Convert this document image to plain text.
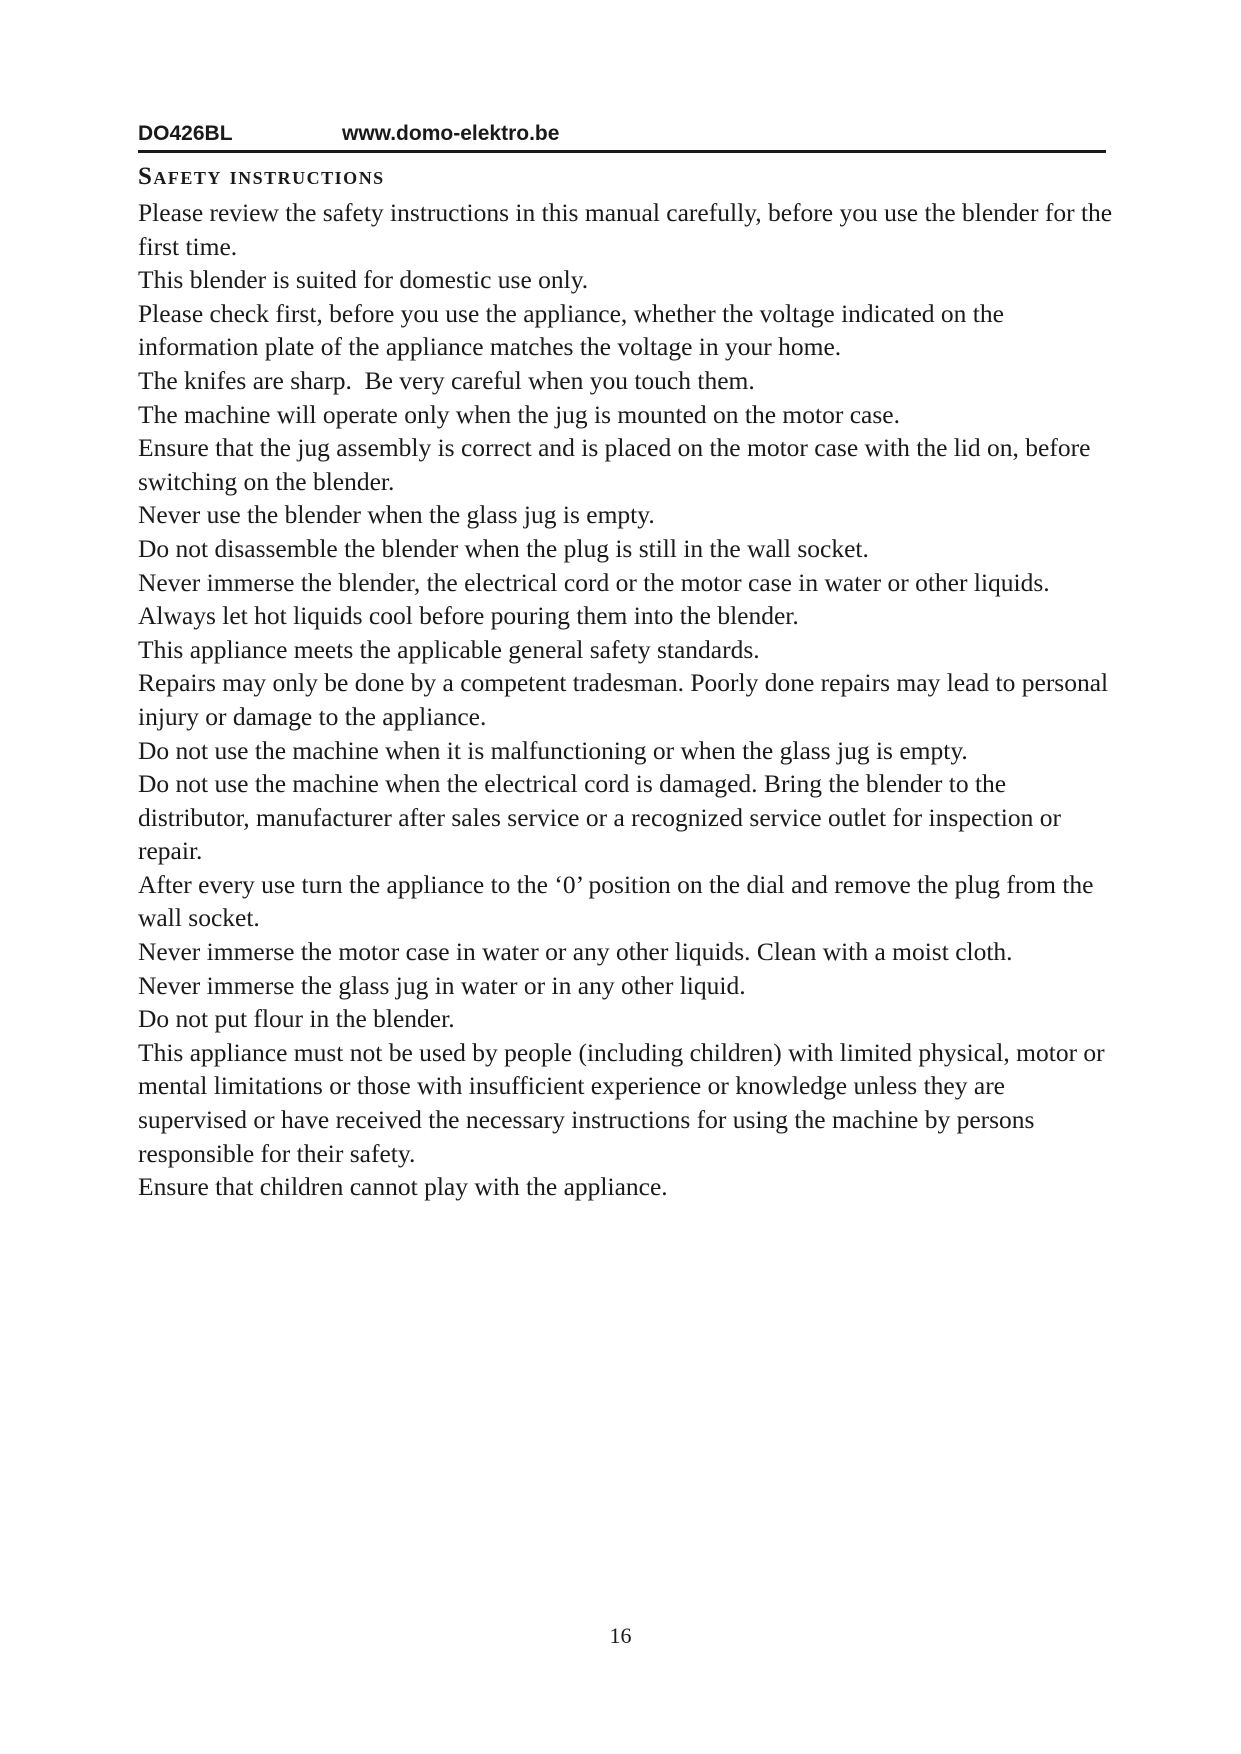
DO426BL	www.domo-elektro.be
Safety instructions

Please review the safety instructions in this manual carefully, before you use the blender for the first time.

This blender is suited for domestic use only.

Please check first, before you use the appliance, whether the voltage indicated on the information plate of the appliance matches the voltage in your home.

The knifes are sharp.  Be very careful when you touch them.

The machine will operate only when the jug is mounted on the motor case.

Ensure that the jug assembly is correct and is placed on the motor case with the lid on, before switching on the blender.

Never use the blender when the glass jug is empty.

Do not disassemble the blender when the plug is still in the wall socket.

Never immerse the blender, the electrical cord or the motor case in water or other liquids.

Always let hot liquids cool before pouring them into the blender.

This appliance meets the applicable general safety standards.

Repairs may only be done by a competent tradesman. Poorly done repairs may lead to personal injury or damage to the appliance.

Do not use the machine when it is malfunctioning or when the glass jug is empty.

Do not use the machine when the electrical cord is damaged. Bring the blender to the distributor, manufacturer after sales service or a recognized service outlet for inspection or repair.

After every use turn the appliance to the ‘0’ position on the dial and remove the plug from the wall socket.

Never immerse the motor case in water or any other liquids. Clean with a moist cloth.

Never immerse the glass jug in water or in any other liquid.

Do not put flour in the blender.

This appliance must not be used by people (including children) with limited physical, motor or mental limitations or those with insufficient experience or knowledge unless they are supervised or have received the necessary instructions for using the machine by persons responsible for their safety.

Ensure that children cannot play with the appliance.

16
